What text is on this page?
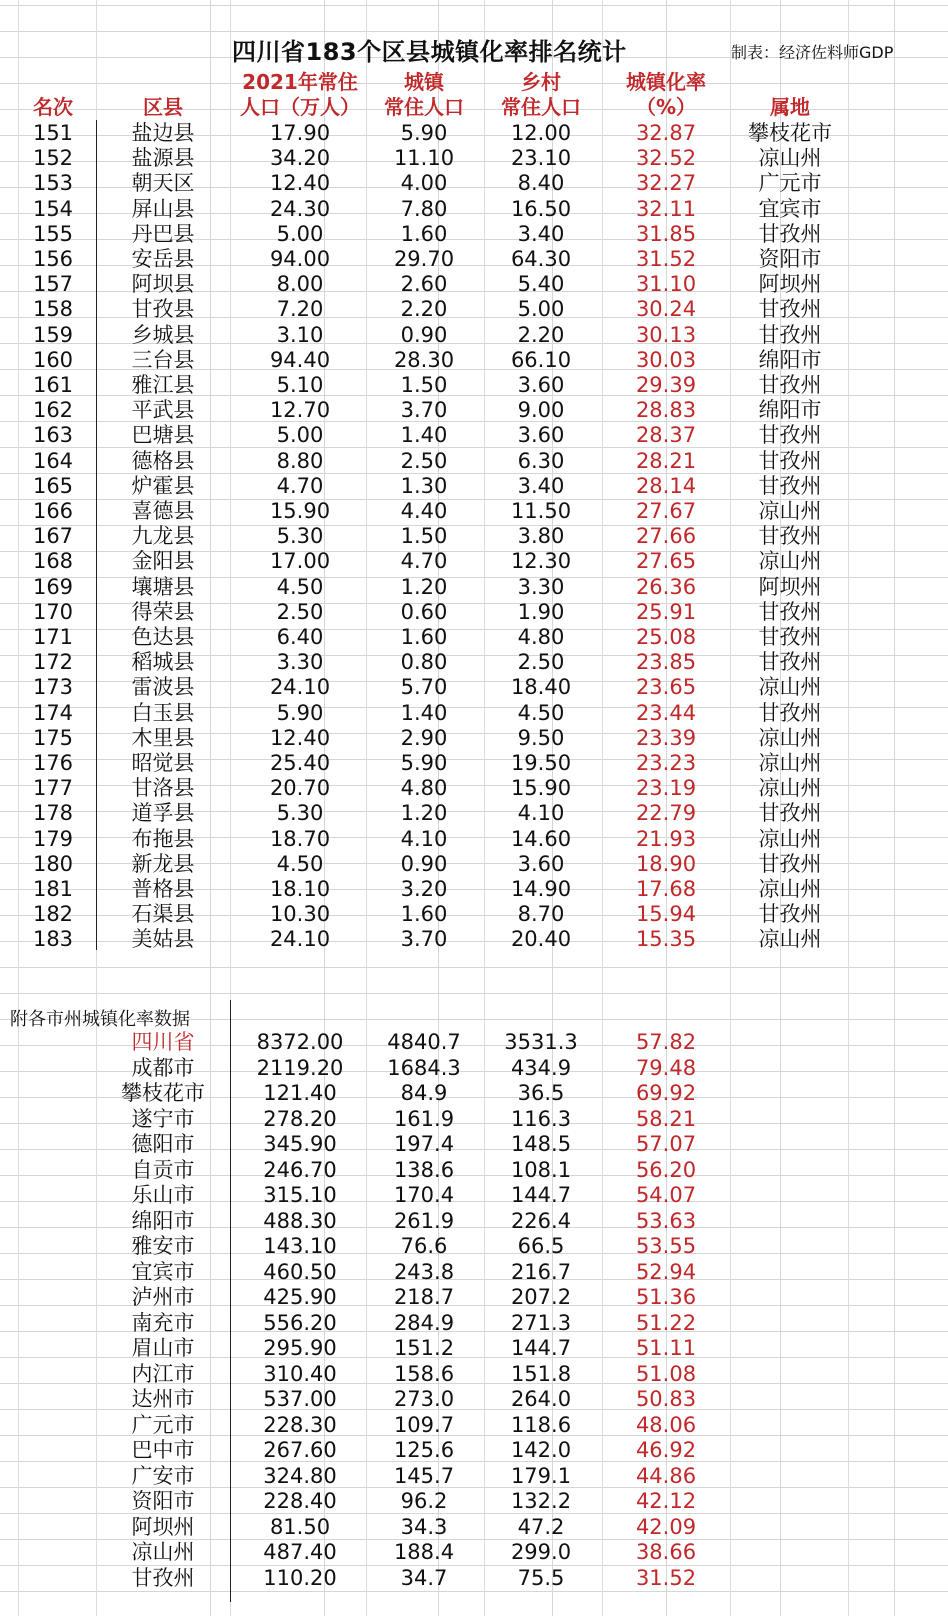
四川省183个区县城镇化率排名统计	制表：经济佐料师GDP
名次	区县
2021年常住
人口（万人）
城镇
常住人口
乡村
常住人口
城镇化率
（%）	属地
151	盐边县	17.90	5.90	12.00	32.87	攀枝花市
152	盐源县	34.20	11.10	23.10	32.52	凉山州
153	朝天区	12.40	4.00	8.40	32.27	广元市
154	屏山县	24.30	7.80	16.50	32.11	宜宾市
155	丹巴县	5.00	1.60	3.40	31.85	甘孜州
156	安岳县	94.00	29.70	64.30	31.52	资阳市
157	阿坝县	8.00	2.60	5.40	31.10	阿坝州
158	甘孜县	7.20	2.20	5.00	30.24	甘孜州
159	乡城县	3.10	0.90	2.20	30.13	甘孜州
160	三台县	94.40	28.30	66.10	30.03	绵阳市
161	雅江县	5.10	1.50	3.60	29.39	甘孜州
162	平武县	12.70	3.70	9.00	28.83	绵阳市
163	巴塘县	5.00	1.40	3.60	28.37	甘孜州
164	德格县	8.80	2.50	6.30	28.21	甘孜州
165	炉霍县	4.70	1.30	3.40	28.14	甘孜州
166	喜德县	15.90	4.40	11.50	27.67	凉山州
167	九龙县	5.30	1.50	3.80	27.66	甘孜州
168	金阳县	17.00	4.70	12.30	27.65	凉山州
169	壤塘县	4.50	1.20	3.30	26.36	阿坝州
170	得荣县	2.50	0.60	1.90	25.91	甘孜州
171	色达县	6.40	1.60	4.80	25.08	甘孜州
172	稻城县	3.30	0.80	2.50	23.85	甘孜州
173	雷波县	24.10	5.70	18.40	23.65	凉山州
174	白玉县	5.90	1.40	4.50	23.44	甘孜州
175	木里县	12.40	2.90	9.50	23.39	凉山州
176	昭觉县	25.40	5.90	19.50	23.23	凉山州
177	甘洛县	20.70	4.80	15.90	23.19	凉山州
178	道孚县	5.30	1.20	4.10	22.79	甘孜州
179	布拖县	18.70	4.10	14.60	21.93	凉山州
180	新龙县	4.50	0.90	3.60	18.90	甘孜州
181	普格县	18.10	3.20	14.90	17.68	凉山州
182	石渠县	10.30	1.60	8.70	15.94	甘孜州
183	美姑县	24.10	3.70	20.40	15.35	凉山州
附各市州城镇化率数据
四川省	8372.00	4840.7	3531.3	57.82
成都市	2119.20	1684.3	434.9	79.48
攀枝花市	121.40	84.9	36.5	69.92
遂宁市	278.20	161.9	116.3	58.21
德阳市	345.90	197.4	148.5	57.07
自贡市	246.70	138.6	108.1	56.20
乐山市	315.10	170.4	144.7	54.07
绵阳市	488.30	261.9	226.4	53.63
雅安市	143.10	76.6	66.5	53.55
宜宾市	460.50	243.8	216.7	52.94
泸州市	425.90	218.7	207.2	51.36
南充市	556.20	284.9	271.3	51.22
眉山市	295.90	151.2	144.7	51.11
内江市	310.40	158.6	151.8	51.08
达州市	537.00	273.0	264.0	50.83
广元市	228.30	109.7	118.6	48.06
巴中市	267.60	125.6	142.0	46.92
广安市	324.80	145.7	179.1	44.86
资阳市	228.40	96.2	132.2	42.12
阿坝州	81.50	34.3	47.2	42.09
凉山州	487.40	188.4	299.0	38.66
甘孜州	110.20	34.7	75.5	31.52
